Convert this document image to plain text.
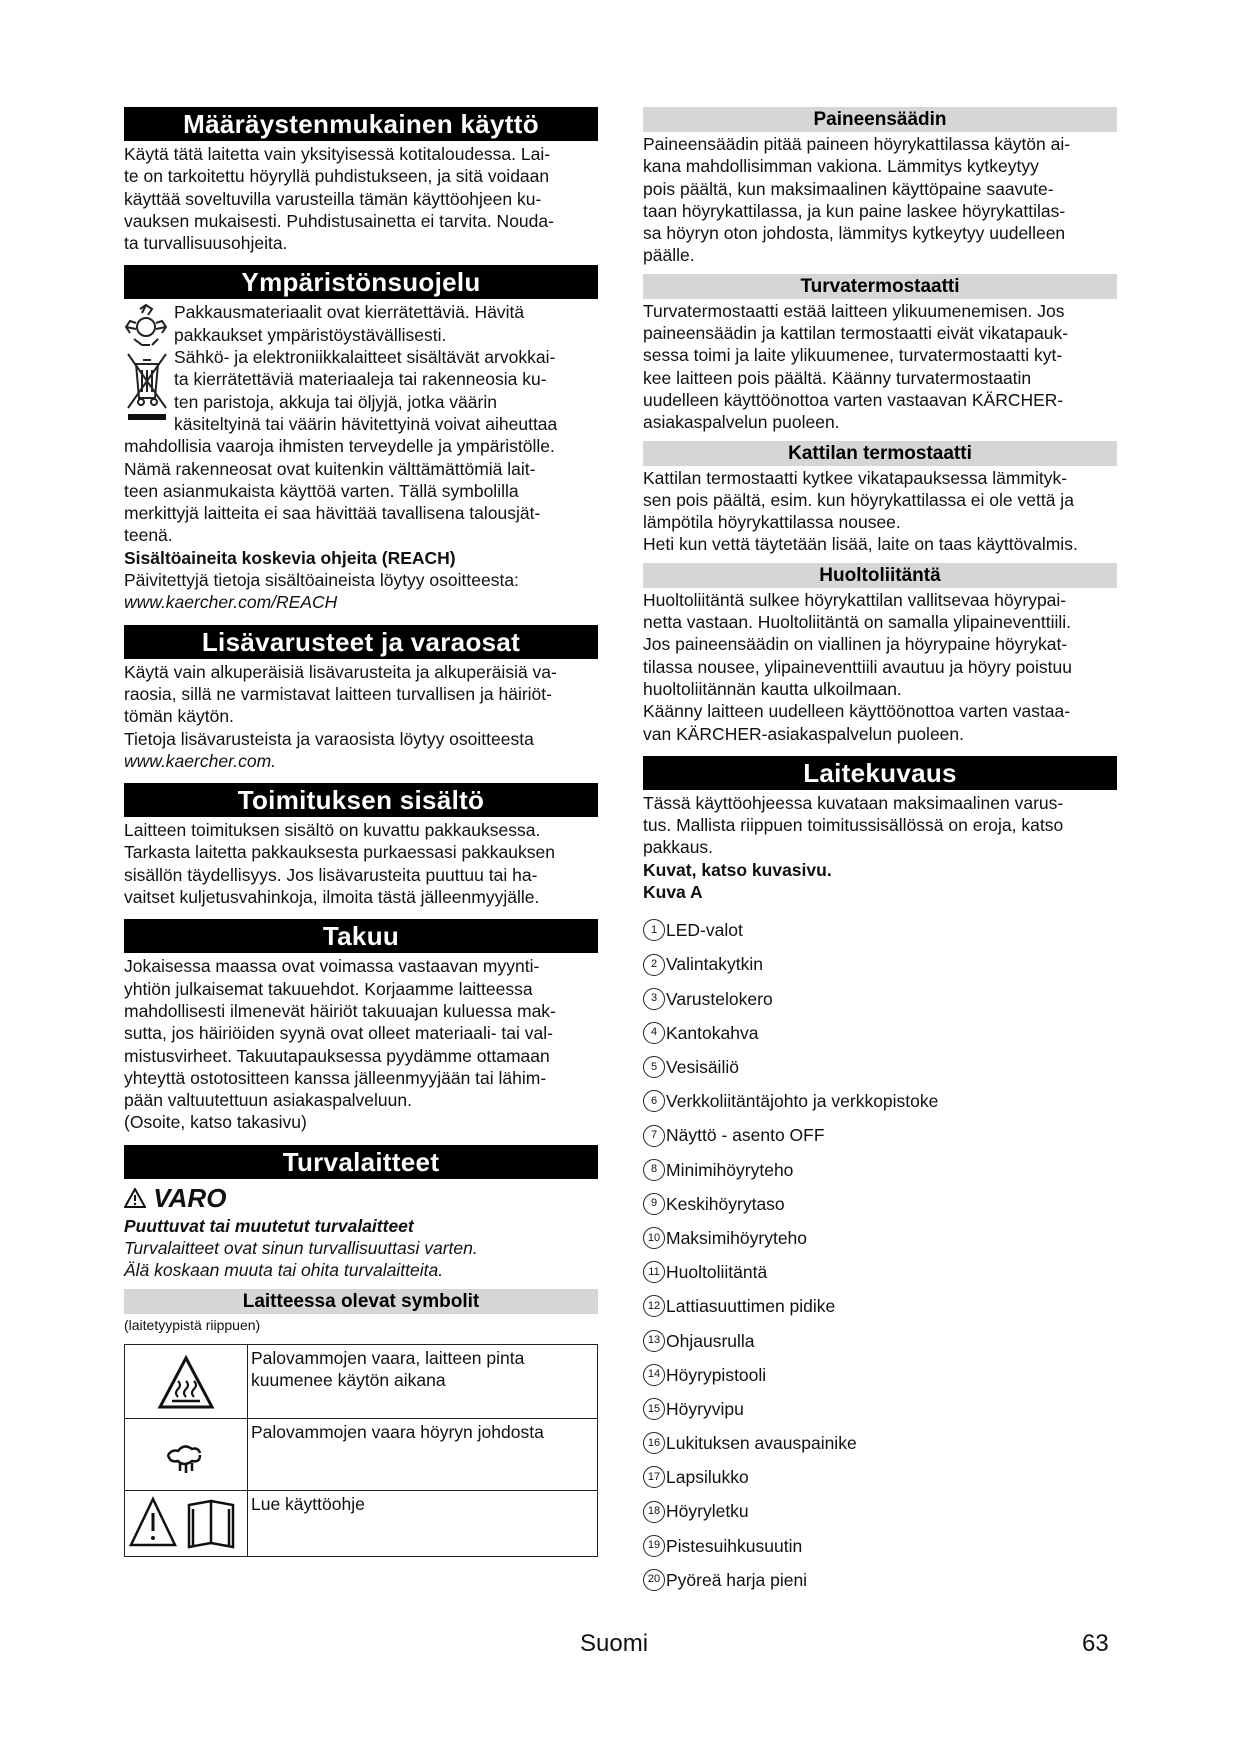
Määräystenmukainen käyttö

Käytä tätä laitetta vain yksityisessä kotitaloudessa. Lai-

te on tarkoitettu höyryllä puhdistukseen, ja sitä voidaan

käyttää soveltuvilla varusteilla tämän käyttöohjeen ku-

vauksen mukaisesti. Puhdistusainetta ei tarvita. Nouda-

ta turvallisuusohjeita.

Ympäristönsuojelu

Pakkausmateriaalit ovat kierrätettäviä. Hävitä

pakkaukset ympäristöystävällisesti.

Sähkö- ja elektroniikkalaitteet sisältävät arvokkai-

ta kierrätettäviä materiaaleja tai rakenneosia ku-

ten paristoja, akkuja tai öljyjä, jotka väärin

käsiteltyinä tai väärin hävitettyinä voivat aiheuttaa

mahdollisia vaaroja ihmisten terveydelle ja ympäristölle.

Nämä rakenneosat ovat kuitenkin välttämättömiä lait-

teen asianmukaista käyttöä varten. Tällä symbolilla

merkittyjä laitteita ei saa hävittää tavallisena talousjät-

teenä.

Sisältöaineita koskevia ohjeita (REACH)

Päivitettyjä tietoja sisältöaineista löytyy osoitteesta:

www.kaercher.com/REACH

Lisävarusteet ja varaosat

Käytä vain alkuperäisiä lisävarusteita ja alkuperäisiä va-

raosia, sillä ne varmistavat laitteen turvallisen ja häiriöt-

tömän käytön.

Tietoja lisävarusteista ja varaosista löytyy osoitteesta

www.kaercher.com.

Toimituksen sisältö

Laitteen toimituksen sisältö on kuvattu pakkauksessa.

Tarkasta laitetta pakkauksesta purkaessasi pakkauksen

sisällön täydellisyys. Jos lisävarusteita puuttuu tai ha-

vaitset kuljetusvahinkoja, ilmoita tästä jälleenmyyjälle.

Takuu

Jokaisessa maassa ovat voimassa vastaavan myynti-

yhtiön julkaisemat takuuehdot. Korjaamme laitteessa

mahdollisesti ilmenevät häiriöt takuuajan kuluessa mak-

sutta, jos häiriöiden syynä ovat olleet materiaali- tai val-

mistusvirheet. Takuutapauksessa pyydämme ottamaan

yhteyttä ostotositteen kanssa jälleenmyyjään tai lähim-

pään valtuutettuun asiakaspalveluun.

(Osoite, katso takasivu)

Turvalaitteet
VARO

Puuttuvat tai muutetut turvalaitteet

Turvalaitteet ovat sinun turvallisuuttasi varten.

Älä koskaan muuta tai ohita turvalaitteita.

Laitteessa olevat symbolit

(laitetyypistä riippuen)

	Palovammojen vaara, laitteen pinta kuumenee käytön aikana
	Palovammojen vaara höyryn johdosta
	Lue käyttöohje
Paineensäädin

Paineensäädin pitää paineen höyrykattilassa käytön ai-

kana mahdollisimman vakiona. Lämmitys kytkeytyy

pois päältä, kun maksimaalinen käyttöpaine saavute-

taan höyrykattilassa, ja kun paine laskee höyrykattilas-

sa höyryn oton johdosta, lämmitys kytkeytyy uudelleen

päälle.

Turvatermostaatti

Turvatermostaatti estää laitteen ylikuumenemisen. Jos

paineensäädin ja kattilan termostaatti eivät vikatapauk-

sessa toimi ja laite ylikuumenee, turvatermostaatti kyt-

kee laitteen pois päältä. Käänny turvatermostaatin

uudelleen käyttöönottoa varten vastaavan KÄRCHER-

asiakaspalvelun puoleen.

Kattilan termostaatti

Kattilan termostaatti kytkee vikatapauksessa lämmityk-

sen pois päältä, esim. kun höyrykattilassa ei ole vettä ja

lämpötila höyrykattilassa nousee.

Heti kun vettä täytetään lisää, laite on taas käyttövalmis.

Huoltoliitäntä

Huoltoliitäntä sulkee höyrykattilan vallitsevaa höyrypai-

netta vastaan. Huoltoliitäntä on samalla ylipaineventtiili.

Jos paineensäädin on viallinen ja höyrypaine höyrykat-

tilassa nousee, ylipaineventtiili avautuu ja höyry poistuu

huoltoliitännän kautta ulkoilmaan.

Käänny laitteen uudelleen käyttöönottoa varten vastaa-

van KÄRCHER-asiakaspalvelun puoleen.

Laitekuvaus

Tässä käyttöohjeessa kuvataan maksimaalinen varus-

tus. Mallista riippuen toimitussisällössä on eroja, katso

pakkaus.

Kuvat, katso kuvasivu.

Kuva A

1 LED-valot
2 Valintakytkin
3 Varustelokero
4 Kantokahva
5 Vesisäiliö
6 Verkkoliitäntäjohto ja verkkopistoke
7 Näyttö - asento OFF
8 Minimihöyryteho
9 Keskihöyrytaso
10 Maksimihöyryteho
11 Huoltoliitäntä
12 Lattiasuuttimen pidike
13 Ohjausrulla
14 Höyrypistooli
15 Höyryvipu
16 Lukituksen avauspainike
17 Lapsilukko
18 Höyryletku
19 Pistesuihkusuutin
20 Pyöreä harja pieni
Suomi	63
